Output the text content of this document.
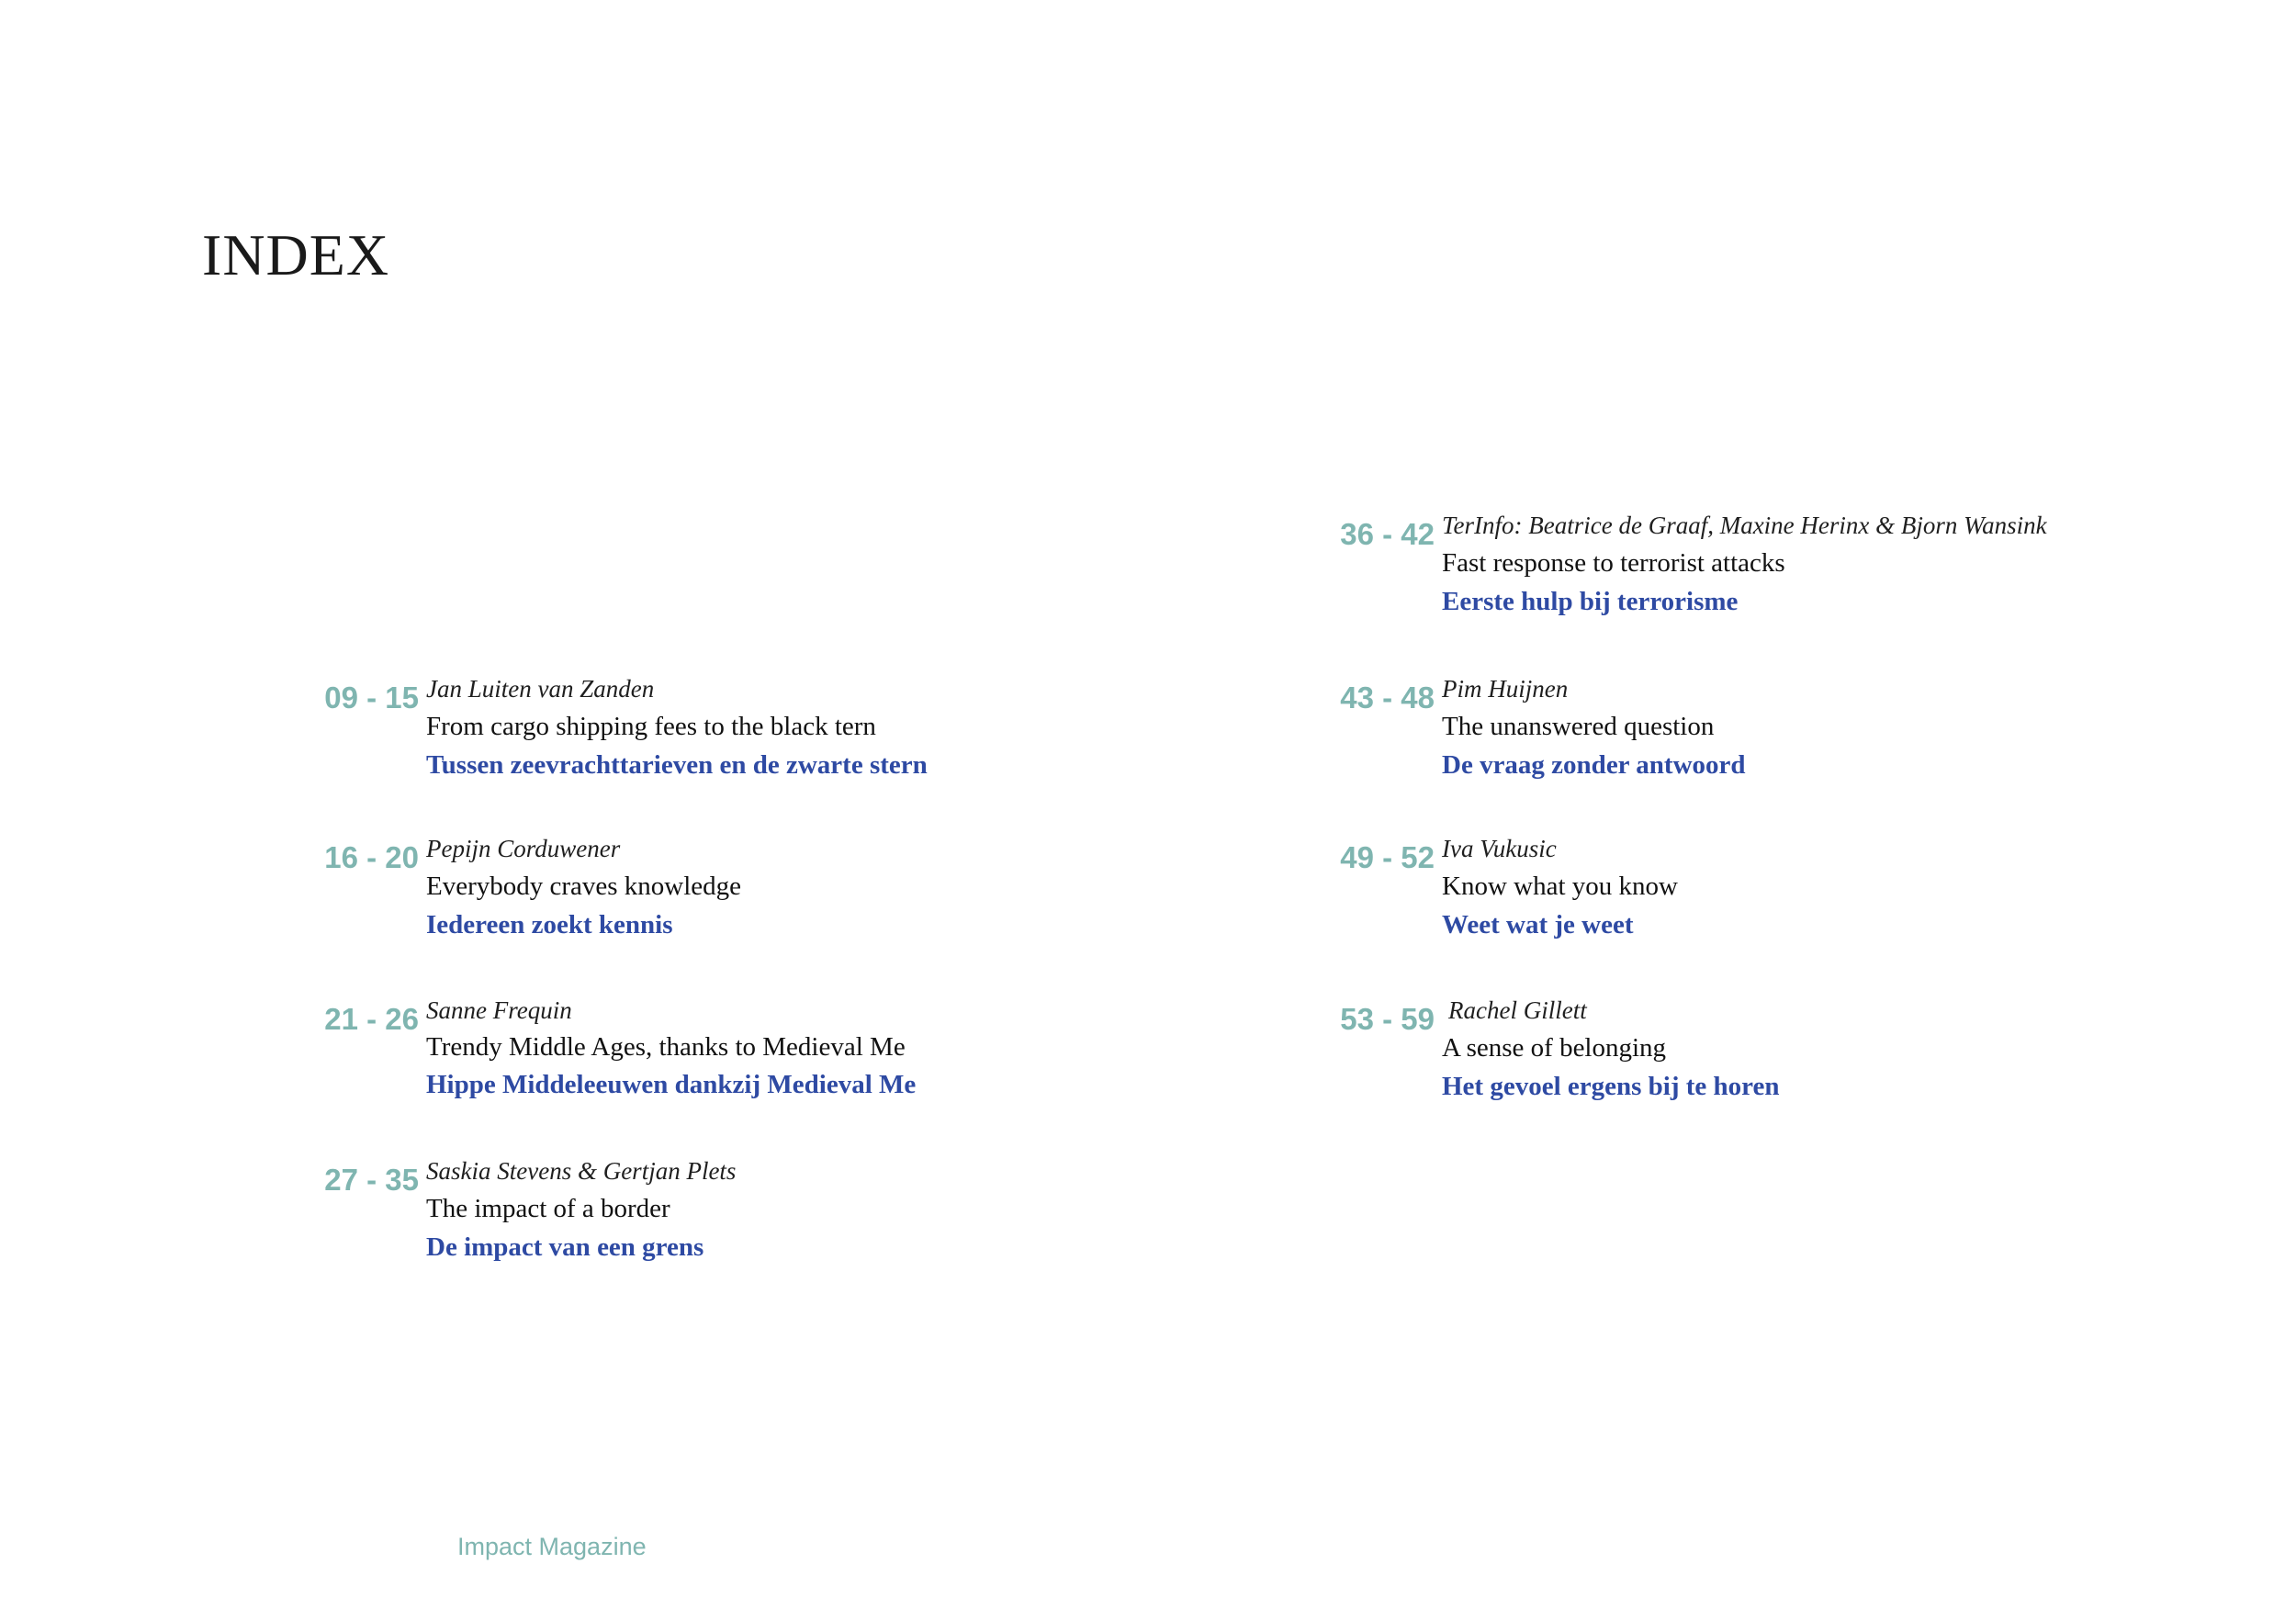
INDEX
09 - 15 Jan Luiten van Zanden
From cargo shipping fees to the black tern
Tussen zeevrachttarieven en de zwarte stern
16 - 20 Pepijn Corduwener
Everybody craves knowledge
Iedereen zoekt kennis
21 - 26 Sanne Frequin
Trendy Middle Ages, thanks to Medieval Me
Hippe Middeleeuwen dankzij Medieval Me
27 - 35 Saskia Stevens & Gertjan Plets
The impact of a border
De impact van een grens
36 - 42 TerInfo: Beatrice de Graaf, Maxine Herinx & Bjorn Wansink
Fast response to terrorist attacks
Eerste hulp bij terrorisme
43 - 48 Pim Huijnen
The unanswered question
De vraag zonder antwoord
49 - 52 Iva Vukusic
Know what you know
Weet wat je weet
53 - 59 Rachel Gillett
A sense of belonging
Het gevoel ergens bij te horen
Impact Magazine
